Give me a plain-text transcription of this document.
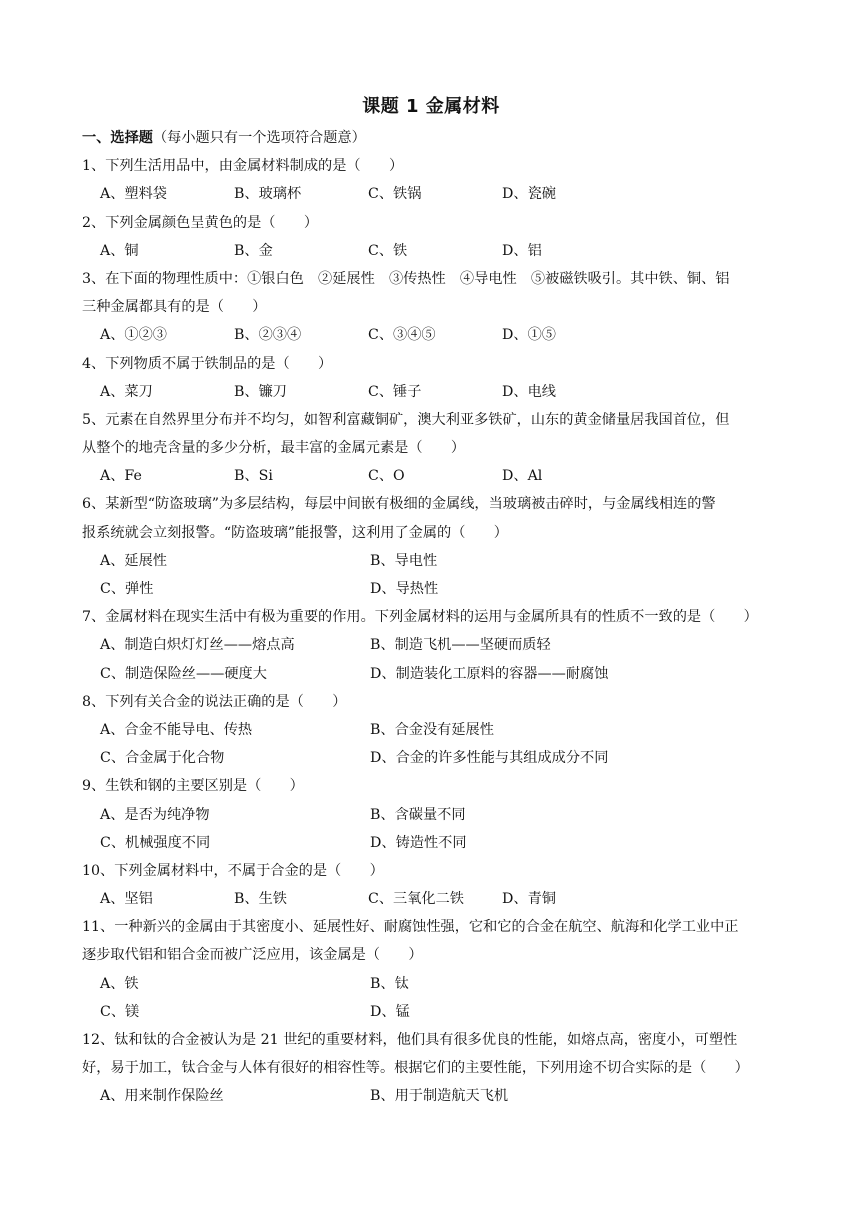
课题 1 金属材料
一、选择题（每小题只有一个选项符合题意）
1、下列生活用品中，由金属材料制成的是（　　）
A、塑料袋	B、玻璃杯	C、铁锅	D、瓷碗
2、下列金属颜色呈黄色的是（　　）
A、铜	B、金	C、铁	D、铝
3、在下面的物理性质中：①银白色　②延展性　③传热性　④导电性　⑤被磁铁吸引。其中铁、铜、铝
三种金属都具有的是（　　）
A、①②③	B、②③④	C、③④⑤	D、①⑤
4、下列物质不属于铁制品的是（　　）
A、菜刀	B、镰刀	C、锤子	D、电线
5、元素在自然界里分布并不均匀，如智利富藏铜矿，澳大利亚多铁矿，山东的黄金储量居我国首位，但
从整个的地壳含量的多少分析，最丰富的金属元素是（　　）
A、Fe	B、Si	C、O	D、Al
6、某新型“防盗玻璃”为多层结构，每层中间嵌有极细的金属线，当玻璃被击碎时，与金属线相连的警
报系统就会立刻报警。“防盗玻璃”能报警，这利用了金属的（　　）
A、延展性	B、导电性
C、弹性	D、导热性
7、金属材料在现实生活中有极为重要的作用。下列金属材料的运用与金属所具有的性质不一致的是（　　）
A、制造白炽灯灯丝——熔点高	B、制造飞机——坚硬而质轻
C、制造保险丝——硬度大	D、制造装化工原料的容器——耐腐蚀
8、下列有关合金的说法正确的是（　　）
A、合金不能导电、传热	B、合金没有延展性
C、合金属于化合物	D、合金的许多性能与其组成成分不同
9、生铁和钢的主要区别是（　　）
A、是否为纯净物	B、含碳量不同
C、机械强度不同	D、铸造性不同
10、下列金属材料中，不属于合金的是（　　）
A、坚铝	B、生铁	C、三氧化二铁	D、青铜
11、一种新兴的金属由于其密度小、延展性好、耐腐蚀性强，它和它的合金在航空、航海和化学工业中正
逐步取代铝和铝合金而被广泛应用，该金属是（　　）
A、铁	B、钛
C、镁	D、锰
12、钛和钛的合金被认为是 21 世纪的重要材料，他们具有很多优良的性能，如熔点高，密度小，可塑性
好，易于加工，钛合金与人体有很好的相容性等。根据它们的主要性能，下列用途不切合实际的是（　　）
A、用来制作保险丝	B、用于制造航天飞机
